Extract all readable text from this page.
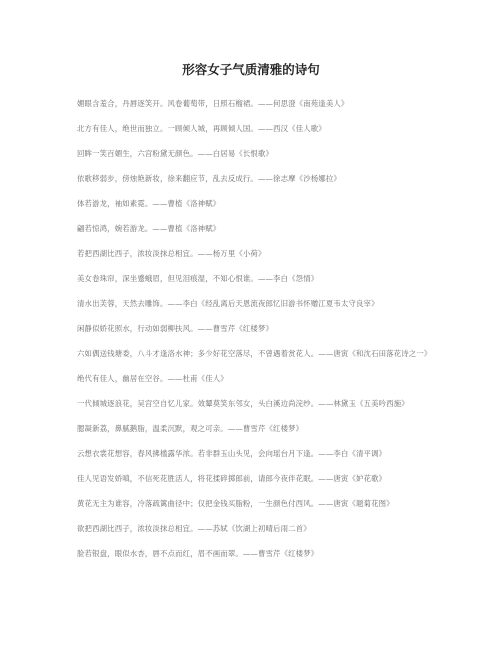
形容女子气质清雅的诗句

媚眼含羞合，丹唇逐笑开。风卷葡萄带，日照石榴裙。——何思澄《南苑逢美人》

北方有佳人，绝世而独立。一顾倾人城，再顾倾人国。——西汉《佳人歌》

回眸一笑百媚生，六宫粉黛无颜色。——白居易《长恨歌》

依歌移弱步，傍烛艳新妆，徐来翻应节，乱去反成行。——徐志摩《沙杨娜拉》

体若游龙，袖如素霓。——曹植《洛神赋》

翩若惊鸿，婉若游龙。——曹植《洛神赋》

若把西湖比西子，浓妆淡抹总相宜。——杨万里《小荷》

美女卷珠帘，深坐蹙蛾眉，但见泪痕湿，不知心恨谁。——李白《怨情》

清水出芙蓉，天然去雕饰。——李白《经乱离后天恩流夜郎忆旧游书怀赠江夏韦太守良宰》

闲静似娇花照水，行动如弱柳扶风。——曹雪芹《红楼梦》

六如偶送钱塘委，八斗才逢洛水神；多少好花空落尽，不曾遇着赏花人。——唐寅《和沈石田落花诗之一》

绝代有佳人，幽居在空谷。——杜甫《佳人》

一代倾城逐浪花，吴宫空自忆儿家。效颦莫笑东邻女，头白溪边尚浣纱。——林黛玉《五美吟西施》

腮凝新荔，鼻腻鹅脂，温柔沉默，观之可亲。——曹雪芹《红楼梦》

云想衣裳花想容，春风拂槛露华浓。若非群玉山头见，会向瑶台月下逢。——李白《清平调》

佳人见语发娇嗔，不信死花胜活人，将花揉碎掷郎前，请郎今夜伴花眠。——唐寅《妒花歌》

黄花无主为谁容，冷落疏篱曲径中；仅把金钱买脂粉，一生颜色付西风。——唐寅《题菊花图》

欲把西湖比西子，浓妆淡抹总相宜。——苏轼《饮湖上初晴后雨二首》

脸若银盘，眼似水杏，唇不点而红，眉不画而翠。——曹雪芹《红楼梦》
